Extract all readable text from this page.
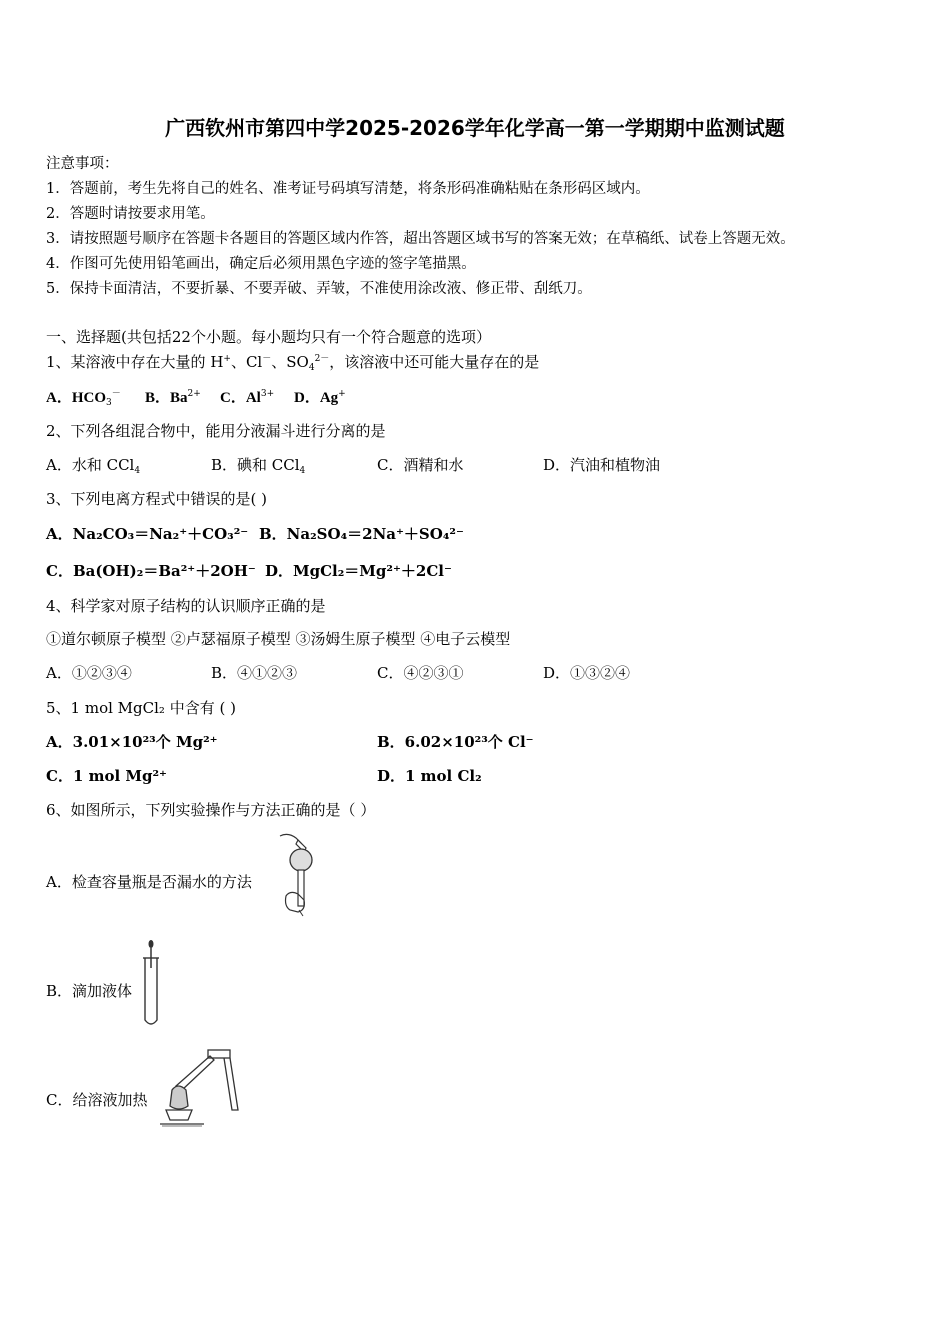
广西钦州市第四中学2025-2026学年化学高一第一学期期中监测试题
注意事项：
1．答题前，考生先将自己的姓名、准考证号码填写清楚，将条形码准确粘贴在条形码区域内。
2．答题时请按要求用笔。
3．请按照题号顺序在答题卡各题目的答题区域内作答，超出答题区域书写的答案无效；在草稿纸、试卷上答题无效。
4．作图可先使用铅笔画出，确定后必须用黑色字迹的签字笔描黑。
5．保持卡面清洁，不要折暴、不要弄破、弄皱，不准使用涂改液、修正带、刮纸刀。
一、选择题(共包括22个小题。每小题均只有一个符合题意的选项）
1、某溶液中存在大量的 H+、Cl－、$SO_4^{2-}$，该溶液中还可能大量存在的是
A．$HCO_3^-$ B．$Ba^{2+}$ C．$Al^{3+}$ D．Ag+
2、下列各组混合物中，能用分液漏斗进行分离的是
A．水和 CCl$_4$	B．碘和 CCl$_4$	C．酒精和水	D．汽油和植物油
3、下列电离方程式中错误的是( )
A．Na₂CO₃＝Na₂⁺＋CO₃²⁻ B．Na₂SO₄＝2Na⁺＋SO₄²⁻
C．Ba(OH)₂＝Ba²⁺＋2OH⁻ D．MgCl₂＝Mg²⁺＋2Cl⁻
4、科学家对原子结构的认识顺序正确的是
①道尔顿原子模型 ②卢瑟福原子模型 ③汤姆生原子模型 ④电子云模型
A．①②③④	B．④①②③	C．④②③①	D．①③②④
5、1 mol MgCl₂ 中含有 ( )
A．3.01×10²³个 Mg²⁺	B．6.02×10²³个 Cl⁻
C．1 mol Mg²⁺	D．1 mol Cl₂
6、如图所示，下列实验操作与方法正确的是（ ）
A．检查容量瓶是否漏水的方法
B．滴加液体
C．给溶液加热
